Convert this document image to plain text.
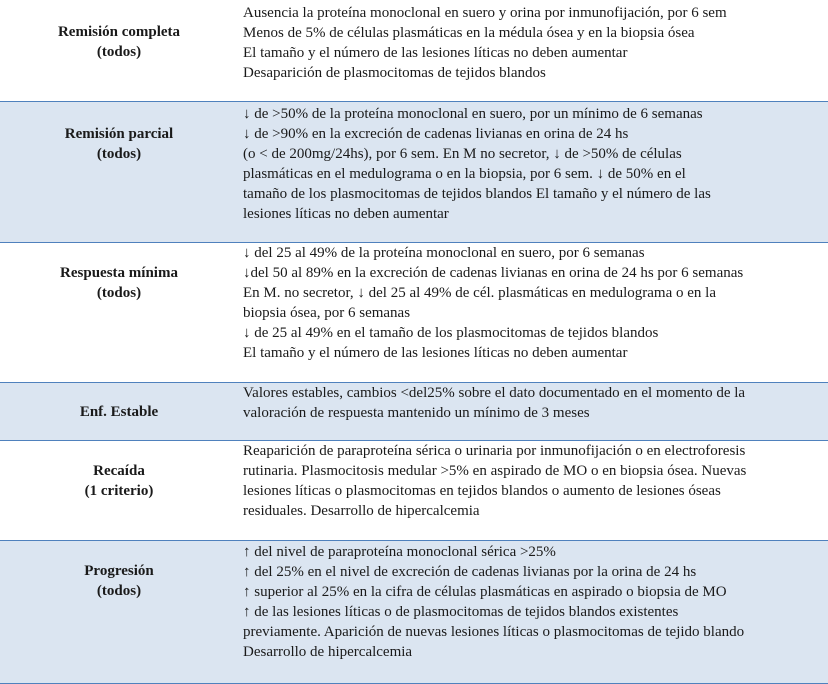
Remisión completa
(todos)
Ausencia la proteína monoclonal en suero y orina por inmunofijación, por 6 sem
Menos de 5% de células plasmáticas en la médula ósea y en la biopsia ósea
El tamaño y el número de las lesiones líticas no deben aumentar
Desaparición de plasmocitomas de tejidos blandos
Remisión parcial
(todos)
↓ de >50% de la proteína monoclonal en suero, por un mínimo de 6 semanas
↓ de >90% en la excreción de cadenas livianas en orina de 24 hs
(o < de 200mg/24hs), por 6 sem. En M no secretor, ↓ de >50% de células
plasmáticas en el medulograma o en la biopsia, por 6 sem. ↓ de 50% en el
tamaño de los plasmocitomas de tejidos blandos El tamaño y el número de las
lesiones líticas no deben aumentar
Respuesta mínima
(todos)
↓ del 25 al 49% de la proteína monoclonal en suero, por 6 semanas
↓del 50 al 89% en la excreción de cadenas livianas en orina de 24 hs por 6 semanas
En M. no secretor, ↓ del 25 al 49% de cél. plasmáticas en medulograma o en la
biopsia ósea, por 6 semanas
↓ de 25 al 49% en el tamaño de los plasmocitomas de tejidos blandos
El tamaño y el número de las lesiones líticas no deben aumentar
Enf. Estable
Valores estables, cambios <del25% sobre el dato documentado en el momento de la
valoración de respuesta mantenido un mínimo de 3 meses
Recaída
(1 criterio)
Reaparición de paraproteína sérica o urinaria por inmunofijación o en electroforesis
rutinaria. Plasmocitosis medular >5% en aspirado de MO o en biopsia ósea. Nuevas
lesiones líticas o plasmocitomas en tejidos blandos o aumento de lesiones óseas
residuales. Desarrollo de hipercalcemia
Progresión
(todos)
↑ del nivel de paraproteína monoclonal sérica >25%
↑ del 25% en el nivel de excreción de cadenas livianas por la orina de 24 hs
↑ superior al 25% en la cifra de células plasmáticas en aspirado o biopsia de MO
↑ de las lesiones líticas o de plasmocitomas de tejidos blandos existentes
previamente. Aparición de nuevas lesiones líticas o plasmocitomas de tejido blando
Desarrollo de hipercalcemia
